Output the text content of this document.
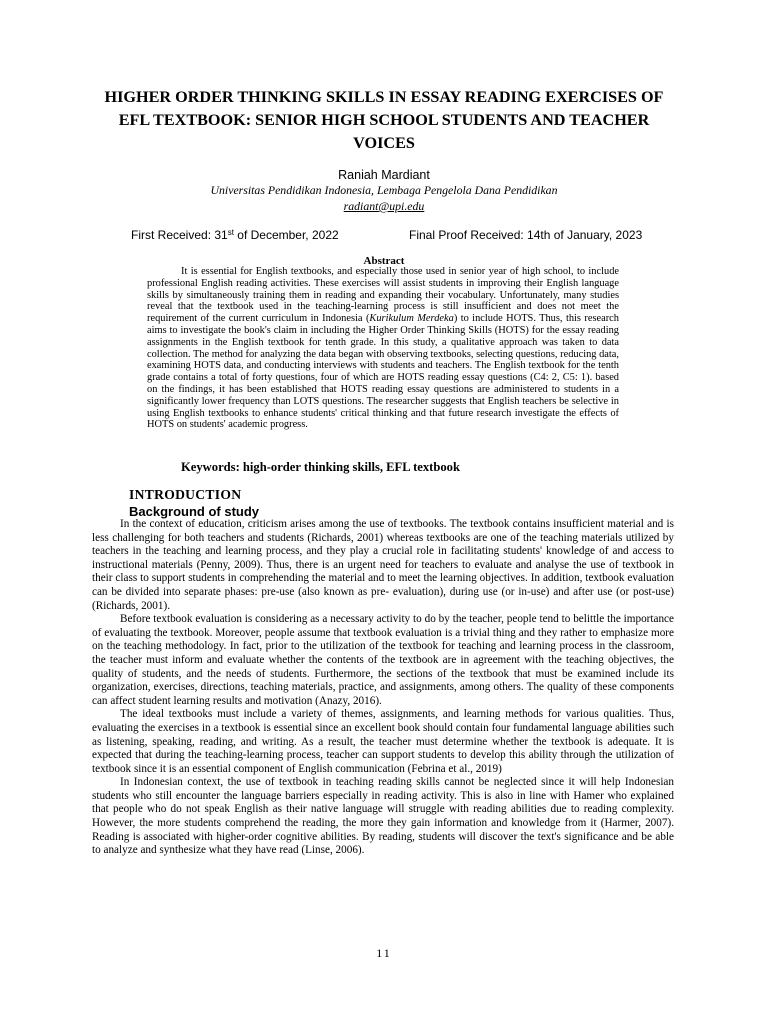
HIGHER ORDER THINKING SKILLS IN ESSAY READING EXERCISES OF EFL TEXTBOOK: SENIOR HIGH SCHOOL STUDENTS AND TEACHER VOICES
Raniah Mardiant
Universitas Pendidikan Indonesia, Lembaga Pengelola Dana Pendidikan
radiant@upi.edu
First Received: 31st of December, 2022	Final Proof Received: 14th of January, 2023
Abstract

It is essential for English textbooks, and especially those used in senior year of high school, to include professional English reading activities. These exercises will assist students in improving their English language skills by simultaneously training them in reading and expanding their vocabulary. Unfortunately, many studies reveal that the textbook used in the teaching-learning process is still insufficient and does not meet the requirement of the current curriculum in Indonesia (Kurikulum Merdeka) to include HOTS. Thus, this research aims to investigate the book's claim in including the Higher Order Thinking Skills (HOTS) for the essay reading assignments in the English textbook for tenth grade. In this study, a qualitative approach was taken to data collection. The method for analyzing the data began with observing textbooks, selecting questions, reducing data, examining HOTS data, and conducting interviews with students and teachers. The English textbook for the tenth grade contains a total of forty questions, four of which are HOTS reading essay questions (C4: 2, C5: 1). based on the findings, it has been established that HOTS reading essay questions are administered to students in a significantly lower frequency than LOTS questions. The researcher suggests that English teachers be selective in using English textbooks to enhance students' critical thinking and that future research investigate the effects of HOTS on students' academic progress.

Keywords: high-order thinking skills, EFL textbook

INTRODUCTION
Background of study

In the context of education, criticism arises among the use of textbooks. The textbook contains insufficient material and is less challenging for both teachers and students (Richards, 2001) whereas textbooks are one of the teaching materials utilized by teachers in the teaching and learning process, and they play a crucial role in facilitating students' knowledge of and access to instructional materials (Penny, 2009). Thus, there is an urgent need for teachers to evaluate and analyse the use of textbook in their class to support students in comprehending the material and to meet the learning objectives. In addition, textbook evaluation can be divided into separate phases: pre-use (also known as pre- evaluation), during use (or in-use) and after use (or post-use) (Richards, 2001).

Before textbook evaluation is considering as a necessary activity to do by the teacher, people tend to belittle the importance of evaluating the textbook. Moreover, people assume that textbook evaluation is a trivial thing and they rather to emphasize more on the teaching methodology. In fact, prior to the utilization of the textbook for teaching and learning process in the classroom, the teacher must inform and evaluate whether the contents of the textbook are in agreement with the teaching objectives, the quality of students, and the needs of students. Furthermore, the sections of the textbook that must be examined include its organization, exercises, directions, teaching materials, practice, and assignments, among others. The quality of these components can affect student learning results and motivation (Anazy, 2016).

The ideal textbooks must include a variety of themes, assignments, and learning methods for various qualities. Thus, evaluating the exercises in a textbook is essential since an excellent book should contain four fundamental language abilities such as listening, speaking, reading, and writing. As a result, the teacher must determine whether the textbook is adequate. It is expected that during the teaching-learning process, teacher can support students to develop this ability through the utilization of textbook since it is an essential component of English communication (Febrina et al., 2019)

In Indonesian context, the use of textbook in teaching reading skills cannot be neglected since it will help Indonesian students who still encounter the language barriers especially in reading activity. This is also in line with Hamer who explained that people who do not speak English as their native language will struggle with reading abilities due to reading complexity. However, the more students comprehend the reading, the more they gain information and knowledge from it (Harmer, 2007). Reading is associated with higher-order cognitive abilities. By reading, students will discover the text's significance and be able to analyze and synthesize what they have read (Linse, 2006).

11
